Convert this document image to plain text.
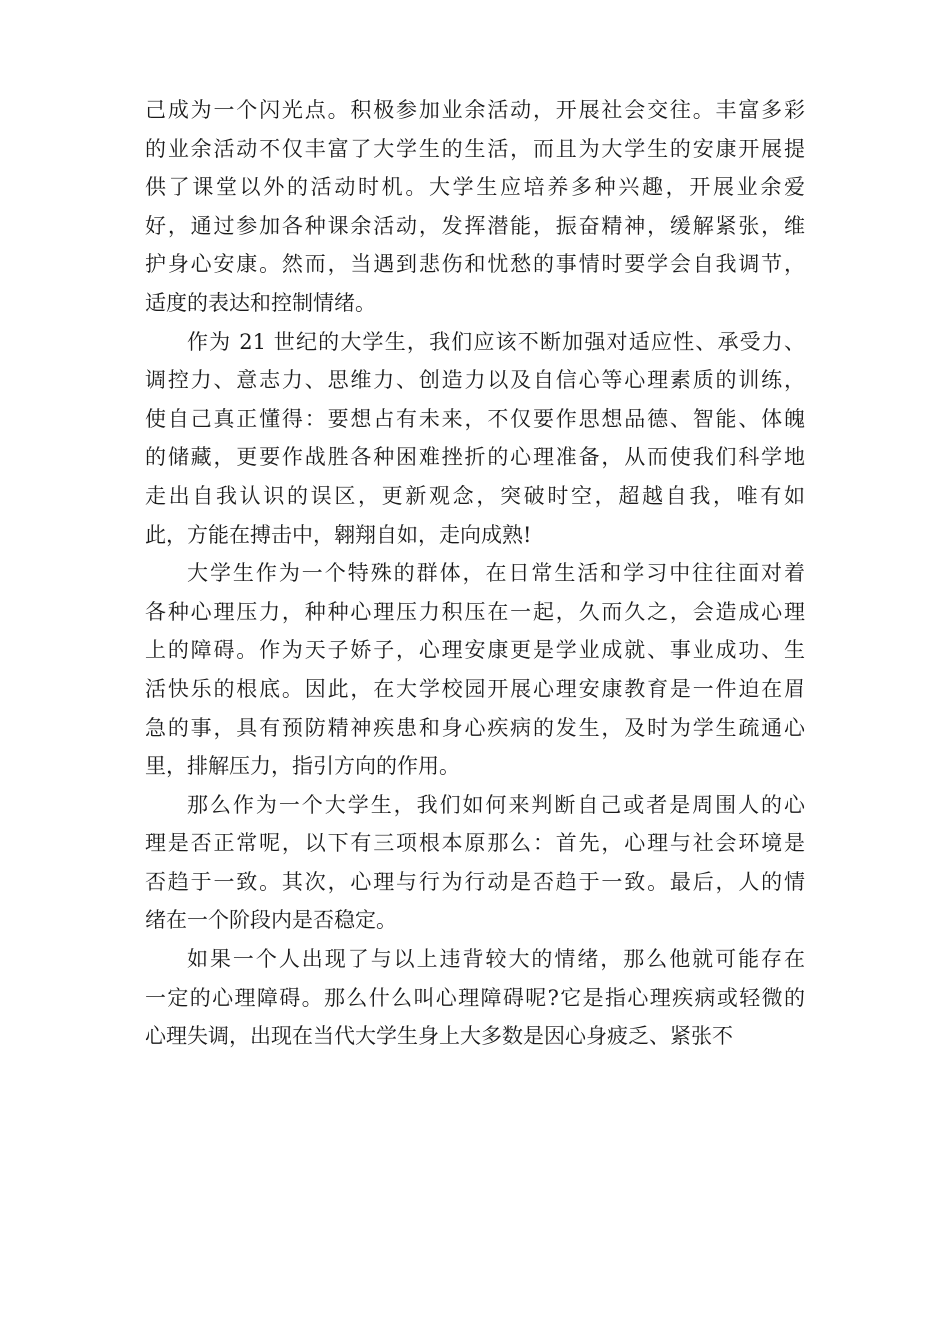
己成为一个闪光点。积极参加业余活动，开展社会交往。丰富多彩
的业余活动不仅丰富了大学生的生活，而且为大学生的安康开展提
供了课堂以外的活动时机。大学生应培养多种兴趣，开展业余爱
好，通过参加各种课余活动，发挥潜能，振奋精神，缓解紧张，维
护身心安康。然而，当遇到悲伤和忧愁的事情时要学会自我调节，
适度的表达和控制情绪。
作为 21 世纪的大学生，我们应该不断加强对适应性、承受力、
调控力、意志力、思维力、创造力以及自信心等心理素质的训练，
使自己真正懂得：要想占有未来，不仅要作思想品德、智能、体魄
的储藏，更要作战胜各种困难挫折的心理准备，从而使我们科学地
走出自我认识的误区，更新观念，突破时空，超越自我，唯有如
此，方能在搏击中，翱翔自如，走向成熟!
大学生作为一个特殊的群体，在日常生活和学习中往往面对着
各种心理压力，种种心理压力积压在一起，久而久之，会造成心理
上的障碍。作为天子娇子，心理安康更是学业成就、事业成功、生
活快乐的根底。因此，在大学校园开展心理安康教育是一件迫在眉
急的事，具有预防精神疾患和身心疾病的发生，及时为学生疏通心
里，排解压力，指引方向的作用。
那么作为一个大学生，我们如何来判断自己或者是周围人的心
理是否正常呢，以下有三项根本原那么：首先，心理与社会环境是
否趋于一致。其次，心理与行为行动是否趋于一致。最后，人的情
绪在一个阶段内是否稳定。
如果一个人出现了与以上违背较大的情绪，那么他就可能存在
一定的心理障碍。那么什么叫心理障碍呢?它是指心理疾病或轻微的
心理失调，出现在当代大学生身上大多数是因心身疲乏、紧张不
